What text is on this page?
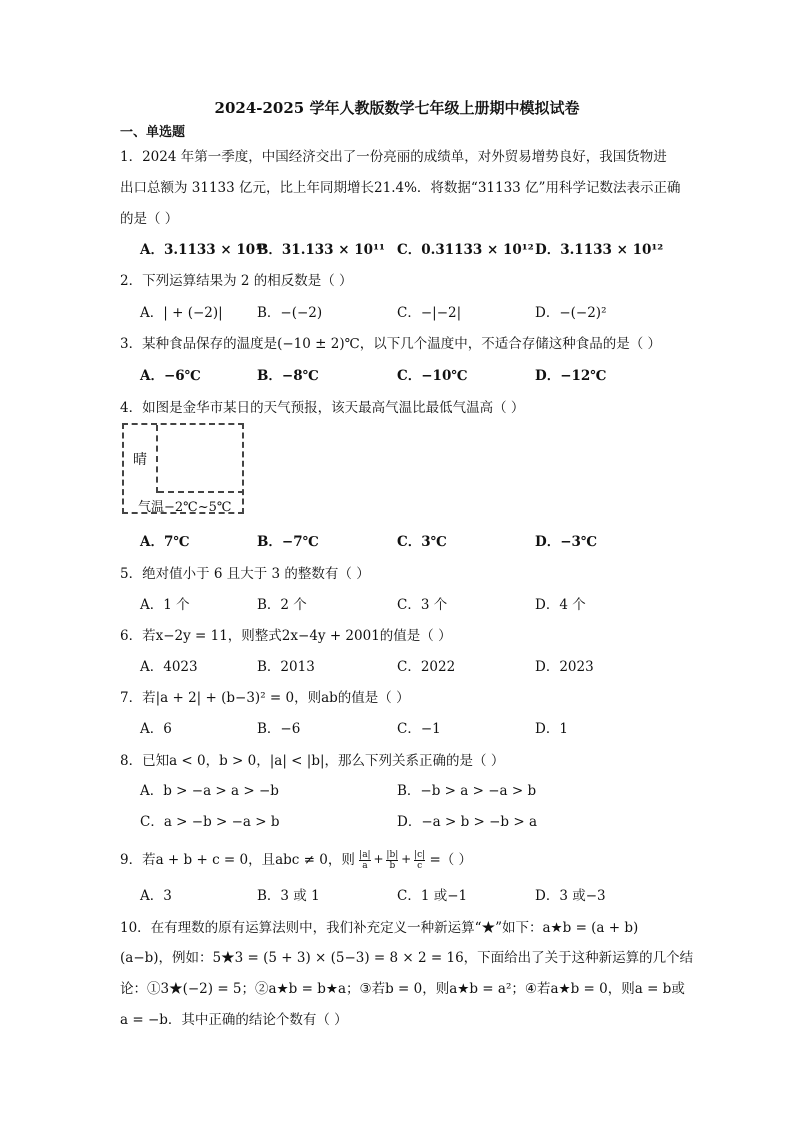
2024-2025 学年人教版数学七年级上册期中模拟试卷
一、单选题
1．2024 年第一季度，中国经济交出了一份亮丽的成绩单，对外贸易增势良好，我国货物进
出口总额为 31133 亿元，比上年同期增长21.4%．将数据“31133 亿”用科学记数法表示正确
的是（ ）
A．3.1133 × 10¹¹
B．31.133 × 10¹¹ C．0.31133 × 10¹² D．3.1133 × 10¹²
2．下列运算结果为 2 的相反数是（ ）
A．| + (−2)|	B．−(−2)	C．−|−2|	D．−(−2)²
3．某种食品保存的温度是(−10 ± 2)℃，以下几个温度中，不适合存储这种食品的是（ ）
A．−6℃	B．−8℃	C．−10℃	D．−12℃
4．如图是金华市某日的天气预报，该天最高气温比最低气温高（ ）
晴
气温−2℃~5℃
A．7℃	B．−7℃	C．3℃	D．−3℃
5．绝对值小于 6 且大于 3 的整数有（ ）
A．1 个	B．2 个	C．3 个	D．4 个
6．若x−2y = 11，则整式2x−4y + 2001的值是（ ）
A．4023	B．2013	C．2022	D．2023
7．若|a + 2| + (b−3)² = 0，则ab的值是（ ）
A．6	B．−6	C．−1	D．1
8．已知a < 0，b > 0，|a| < |b|，那么下列关系正确的是（ ）
A．b > −a > a > −b	B．−b > a > −a > b
C．a > −b > −a > b	D．−a > b > −b > a
9．若a + b + c = 0，且abc ≠ 0，则 $\frac{|a|}{a} + \frac{|b|}{b} + \frac{|c|}{c}$ =（ ）
A．3	B．3 或 1	C．1 或−1	D．3 或−3
10．在有理数的原有运算法则中，我们补充定义一种新运算“★”如下：a★b = (a + b)
(a−b)，例如：5★3 = (5 + 3) × (5−3) = 8 × 2 = 16，下面给出了关于这种新运算的几个结
论：①3★(−2) = 5；②a★b = b★a；③若b = 0，则a★b = a²；④若a★b = 0，则a = b或
a = −b．其中正确的结论个数有（ ）
